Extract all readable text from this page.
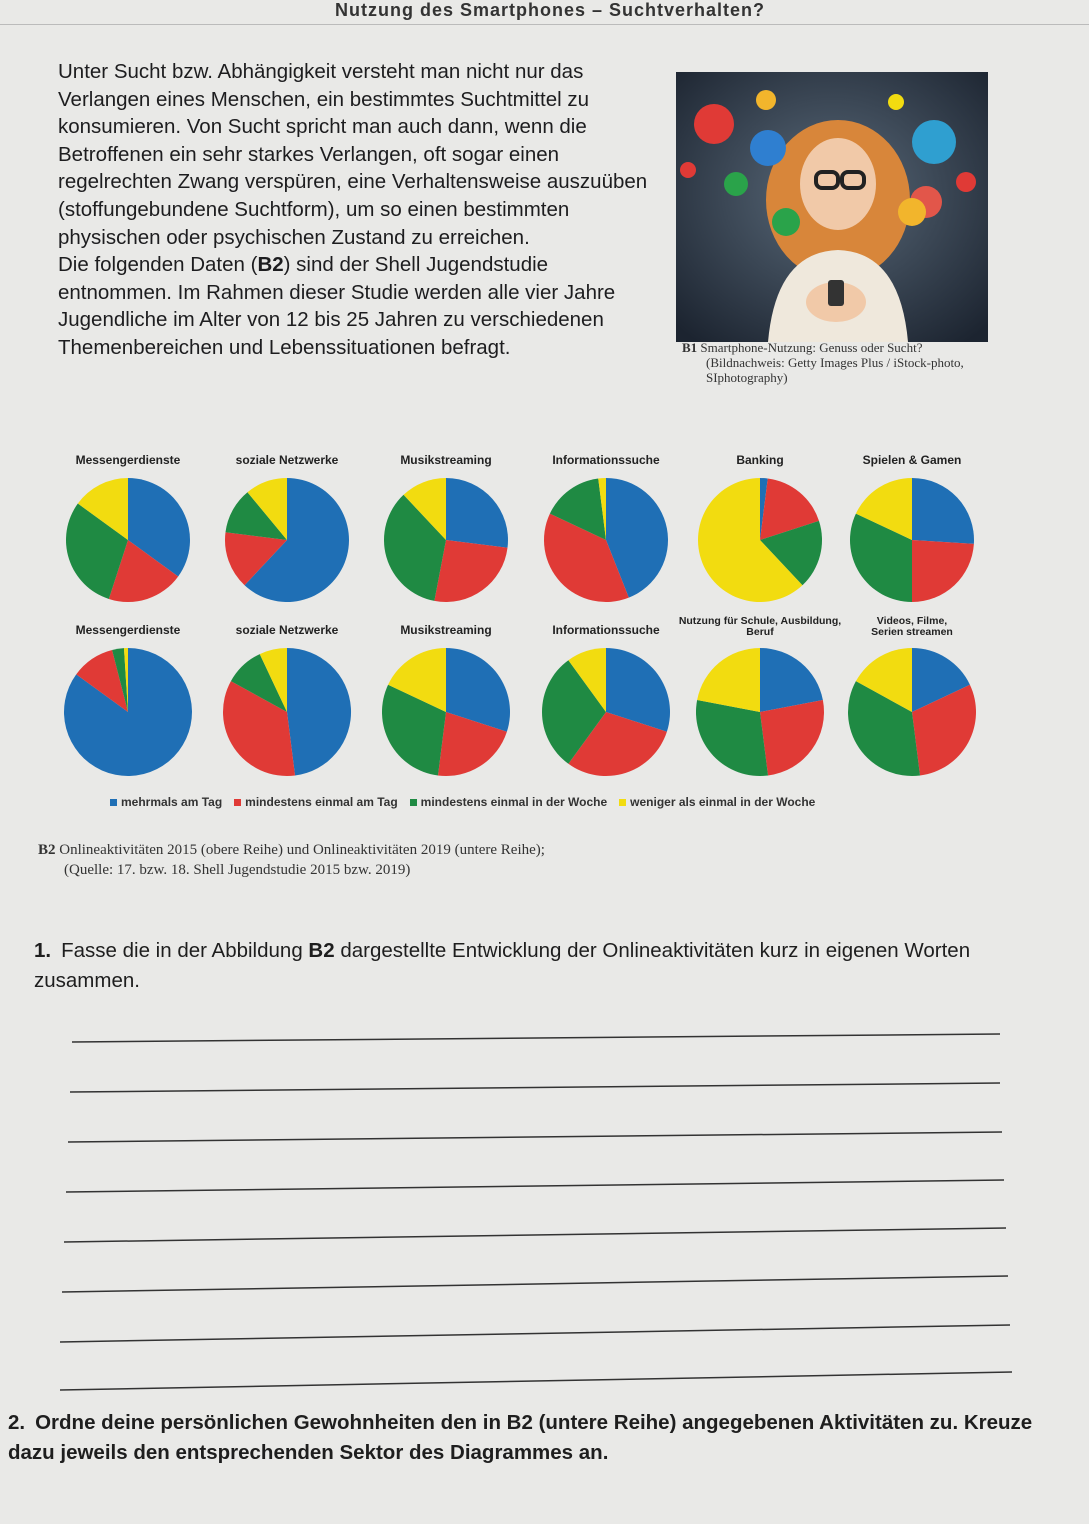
Nutzung des Smartphones – Suchtverhalten?

Unter Sucht bzw. Abhängigkeit versteht man nicht nur das Verlangen eines Menschen, ein bestimmtes Suchtmittel zu konsumieren. Von Sucht spricht man auch dann, wenn die Betroffenen ein sehr starkes Verlangen, oft sogar einen regelrechten Zwang verspüren, eine Verhaltensweise auszuüben (stoffungebundene Suchtform), um so einen bestimmten physischen oder psychischen Zustand zu erreichen.

Die folgenden Daten (B2) sind der Shell Jugendstudie entnommen. Im Rahmen dieser Studie werden alle vier Jahre Jugendliche im Alter von 12 bis 25 Jahren zu verschiedenen Themenbereichen und Lebenssituationen befragt.	B1 Smartphone-Nutzung: Genuss oder Sucht?
(Bildnachweis: Getty Images Plus / iStock-photo, SIphotography)
Messengerdienste	soziale Netzwerke	Musikstreaming	Informationssuche	Banking	Spielen & Gamen
Messengerdienste	soziale Netzwerke	Musikstreaming	Informationssuche
Nutzung für Schule, Ausbildung, Beruf
Videos, Filme, Serien streamen
mehrmals am Tag mindestens einmal am Tag mindestens einmal in der Woche weniger als einmal in der Woche
B2 Onlineaktivitäten 2015 (obere Reihe) und Onlineaktivitäten 2019 (untere Reihe);
(Quelle: 17. bzw. 18. Shell Jugendstudie 2015 bzw. 2019)
1. Fasse die in der Abbildung B2 dargestellte Entwicklung der Onlineaktivitäten kurz in eigenen Worten zusammen.
2. Ordne deine persönlichen Gewohnheiten den in B2 (untere Reihe) angegebenen Aktivitäten zu. Kreuze dazu jeweils den entsprechenden Sektor des Diagrammes an.
